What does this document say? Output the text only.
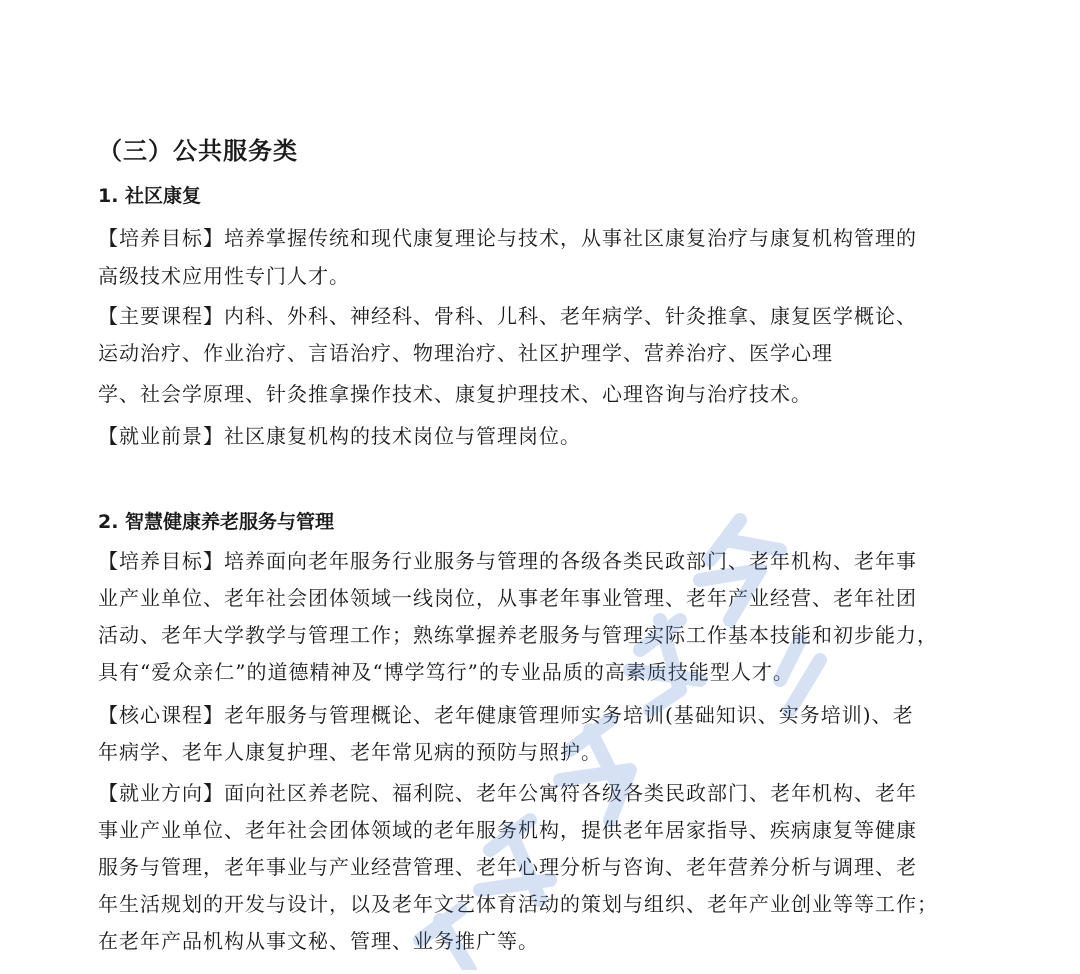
（三）公共服务类
1. 社区康复
【培养目标】培养掌握传统和现代康复理论与技术，从事社区康复治疗与康复机构管理的
高级技术应用性专门人才。
【主要课程】内科、外科、神经科、骨科、儿科、老年病学、针灸推拿、康复医学概论、
运动治疗、作业治疗、言语治疗、物理治疗、社区护理学、营养治疗、医学心理
学、社会学原理、针灸推拿操作技术、康复护理技术、心理咨询与治疗技术。
【就业前景】社区康复机构的技术岗位与管理岗位。
2. 智慧健康养老服务与管理
【培养目标】培养面向老年服务行业服务与管理的各级各类民政部门、老年机构、老年事
业产业单位、老年社会团体领域一线岗位，从事老年事业管理、老年产业经营、老年社团
活动、老年大学教学与管理工作；熟练掌握养老服务与管理实际工作基本技能和初步能力，
具有“爱众亲仁”的道德精神及“博学笃行”的专业品质的高素质技能型人才。
【核心课程】老年服务与管理概论、老年健康管理师实务培训(基础知识、实务培训)、老
年病学、老年人康复护理、老年常见病的预防与照护。
【就业方向】面向社区养老院、福利院、老年公寓符各级各类民政部门、老年机构、老年
事业产业单位、老年社会团体领域的老年服务机构，提供老年居家指导、疾病康复等健康
服务与管理，老年事业与产业经营管理、老年心理分析与咨询、老年营养分析与调理、老
年生活规划的开发与设计，以及老年文艺体育活动的策划与组织、老年产业创业等等工作；
在老年产品机构从事文秘、管理、业务推广等。
